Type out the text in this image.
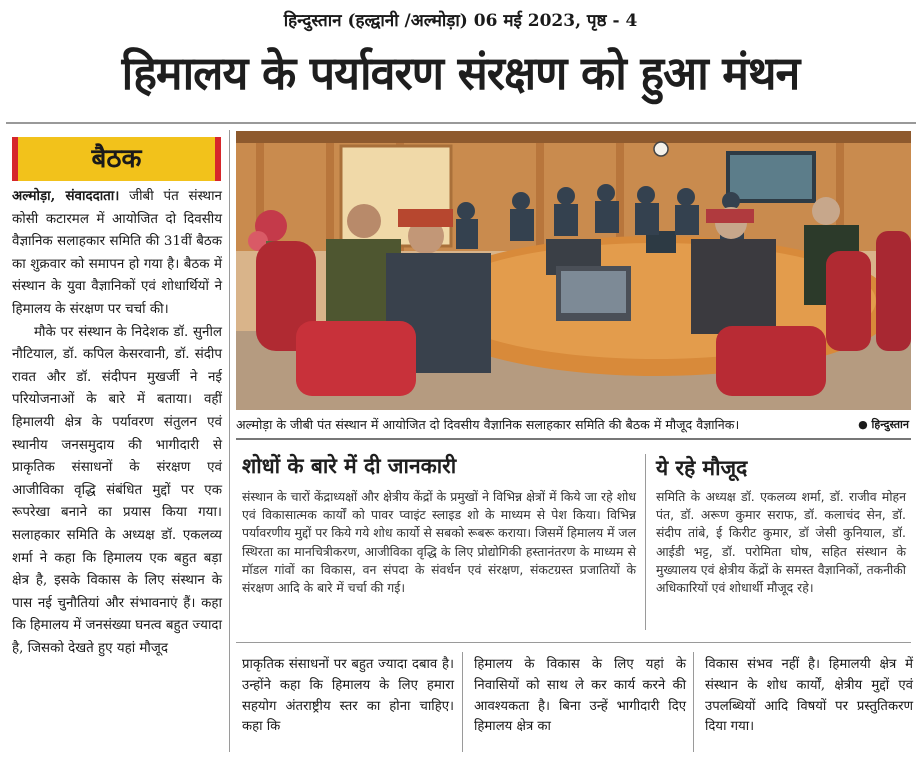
हिन्दुस्तान (हल्द्वानी /अल्मोड़ा) 06 मई 2023, पृष्ठ - 4
हिमालय के पर्यावरण संरक्षण को हुआ मंथन
बैठक

अल्मोड़ा, संवाददाता। जीबी पंत संस्थान कोसी कटारमल में आयोजित दो दिवसीय वैज्ञानिक सलाहकार समिति की 31वीं बैठक का शुक्रवार को समापन हो गया है। बैठक में संस्थान के युवा वैज्ञानिकों एवं शोधार्थियों ने हिमालय के संरक्षण पर चर्चा की।

मौके पर संस्थान के निदेशक डॉ. सुनील नौटियाल, डॉ. कपिल केसरवानी, डॉ. संदीप रावत और डॉ. संदीपन मुखर्जी ने नई परियोजनाओं के बारे में बताया। वहीं हिमालयी क्षेत्र के पर्यावरण संतुलन एवं स्थानीय जनसमुदाय की भागीदारी से प्राकृतिक संसाधनों के संरक्षण एवं आजीविका वृद्धि संबंधित मुद्दों पर एक रूपरेखा बनाने का प्रयास किया गया। सलाहकार समिति के अध्यक्ष डॉ. एकलव्य शर्मा ने कहा कि हिमालय एक बहुत बड़ा क्षेत्र है, इसके विकास के लिए संस्थान के पास नई चुनौतियां और संभावनाएं हैं। कहा कि हिमालय में जनसंख्या घनत्व बहुत ज्यादा है, जिसको देखते हुए यहां मौजूद

अल्मोड़ा के जीबी पंत संस्थान में आयोजित दो दिवसीय वैज्ञानिक सलाहकार समिति की बैठक में मौजूद वैज्ञानिक।	● हिन्दुस्तान
शोधों के बारे में दी जानकारी
संस्थान के चारों केंद्राध्यक्षों और क्षेत्रीय केंद्रों के प्रमुखों ने विभिन्न क्षेत्रों में किये जा रहे शोध एवं विकासात्मक कार्यों को पावर प्वाइंट स्लाइड शो के माध्यम से पेश किया। विभिन्न पर्यावरणीय मुद्दों पर किये गये शोध कार्यो से सबको रूबरू कराया। जिसमें हिमालय में जल स्थिरता का मानचित्रीकरण, आजीविका वृद्धि के लिए प्रोद्योगिकी हस्तानंतरण के माध्यम से मॉडल गांवों का विकास, वन संपदा के संवर्धन एवं संरक्षण, संकटग्रस्त प्रजातियों के संरक्षण आदि के बारे में चर्चा की गई।
ये रहे मौजूद
समिति के अध्यक्ष डॉ. एकलव्य शर्मा, डॉ. राजीव मोहन पंत, डॉ. अरूण कुमार सराफ, डॉ. कलाचंद सेन, डॉ. संदीप तांबे, ई किरीट कुमार, डॉ जेसी कुनियाल, डॉ. आईडी भट्ट, डॉ. परोमिता घोष, सहित संस्थान के मुख्यालय एवं क्षेत्रीय केंद्रों के समस्त वैज्ञानिकों, तकनीकी अधिकारियों एवं शोधार्थी मौजूद रहे।
प्राकृतिक संसाधनों पर बहुत ज्यादा दबाव है। उन्होंने कहा कि हिमालय के लिए हमारा सहयोग अंतराष्ट्रीय स्तर का होना चाहिए। कहा कि
हिमालय के विकास के लिए यहां के निवासियों को साथ ले कर कार्य करने की आवश्यकता है। बिना उन्हें भागीदारी दिए हिमालय क्षेत्र का
विकास संभव नहीं है। हिमालयी क्षेत्र में संस्थान के शोध कार्यों, क्षेत्रीय मुद्दों एवं उपलब्धियों आदि विषयों पर प्रस्तुतिकरण दिया गया।
